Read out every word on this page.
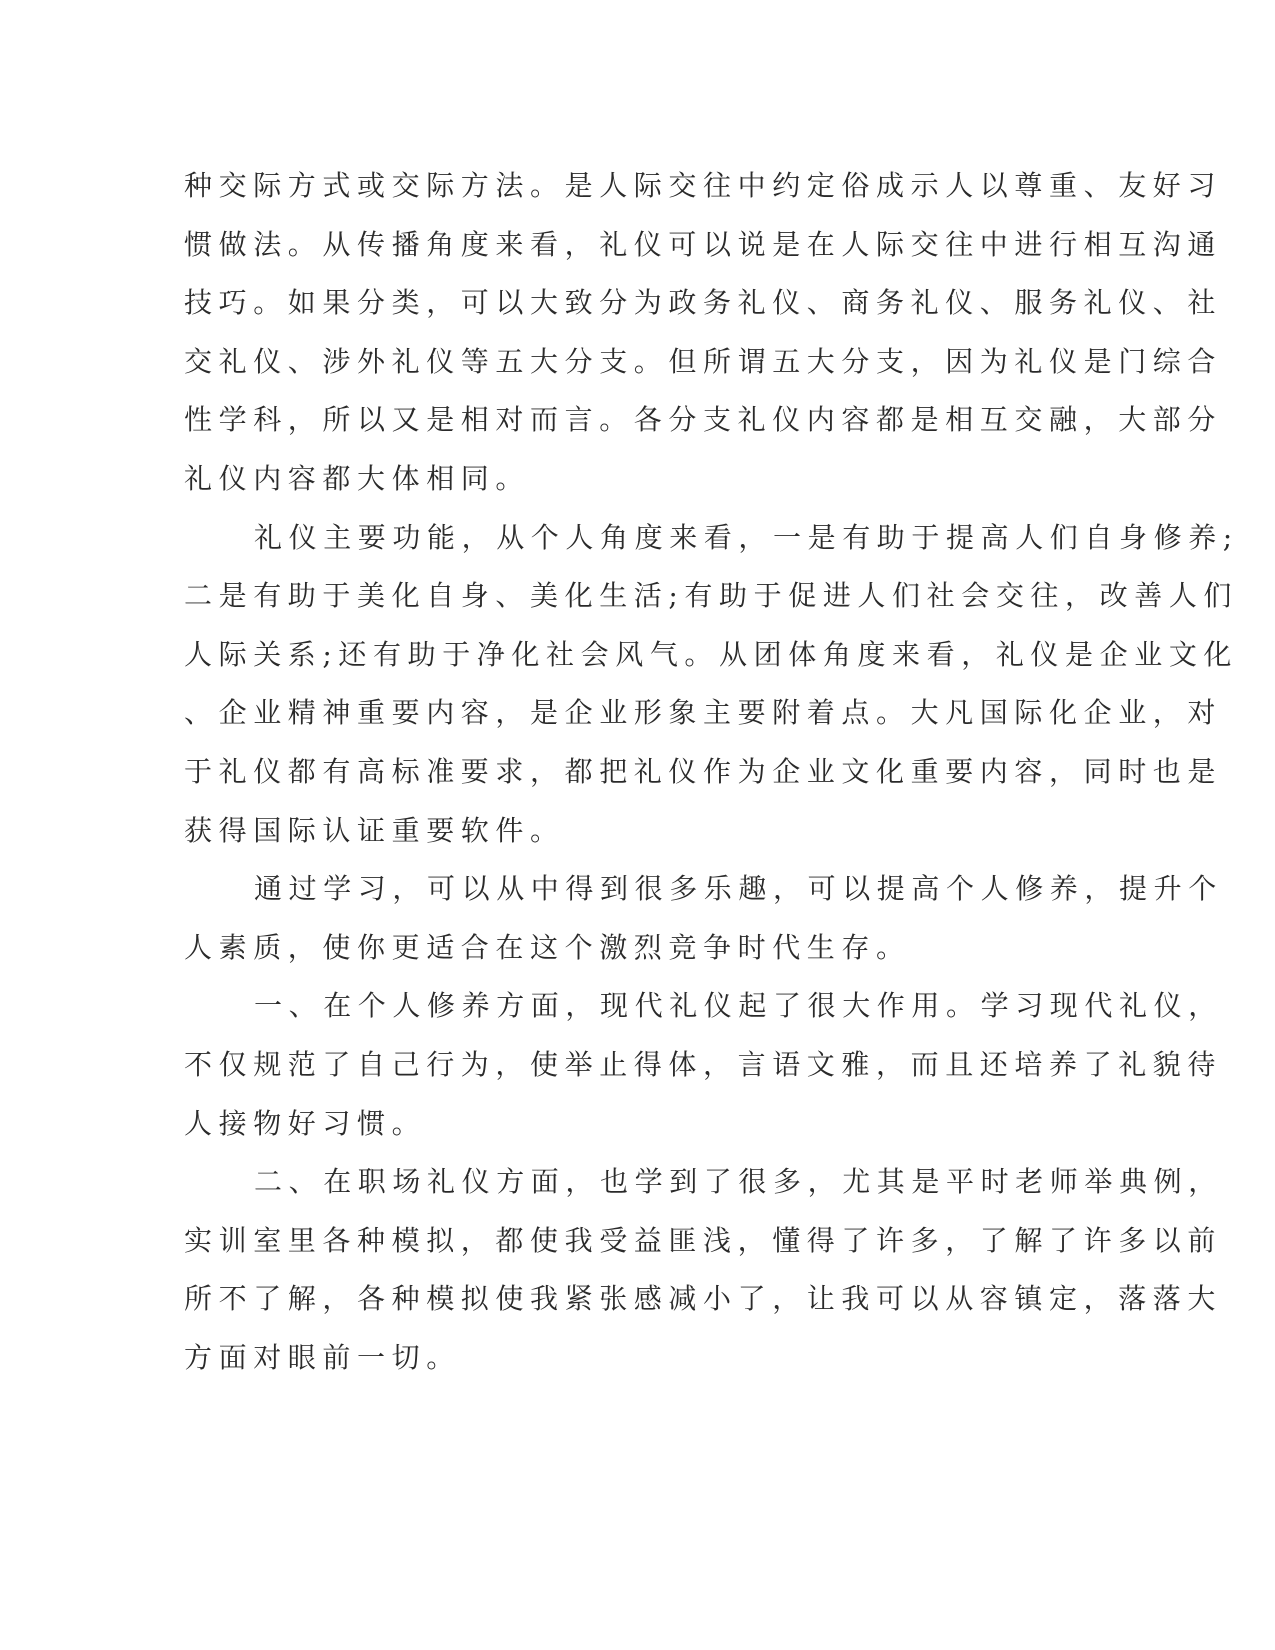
种交际方式或交际方法。是人际交往中约定俗成示人以尊重、友好习
惯做法。从传播角度来看，礼仪可以说是在人际交往中进行相互沟通
技巧。如果分类，可以大致分为政务礼仪、商务礼仪、服务礼仪、社
交礼仪、涉外礼仪等五大分支。但所谓五大分支，因为礼仪是门综合
性学科，所以又是相对而言。各分支礼仪内容都是相互交融，大部分
礼仪内容都大体相同。
礼仪主要功能，从个人角度来看，一是有助于提高人们自身修养;
二是有助于美化自身、美化生活;有助于促进人们社会交往，改善人们
人际关系;还有助于净化社会风气。从团体角度来看，礼仪是企业文化
、企业精神重要内容，是企业形象主要附着点。大凡国际化企业，对
于礼仪都有高标准要求，都把礼仪作为企业文化重要内容，同时也是
获得国际认证重要软件。
通过学习，可以从中得到很多乐趣，可以提高个人修养，提升个
人素质，使你更适合在这个激烈竞争时代生存。
一、在个人修养方面，现代礼仪起了很大作用。学习现代礼仪，
不仅规范了自己行为，使举止得体，言语文雅，而且还培养了礼貌待
人接物好习惯。
二、在职场礼仪方面，也学到了很多，尤其是平时老师举典例，
实训室里各种模拟，都使我受益匪浅，懂得了许多，了解了许多以前
所不了解，各种模拟使我紧张感减小了，让我可以从容镇定，落落大
方面对眼前一切。
